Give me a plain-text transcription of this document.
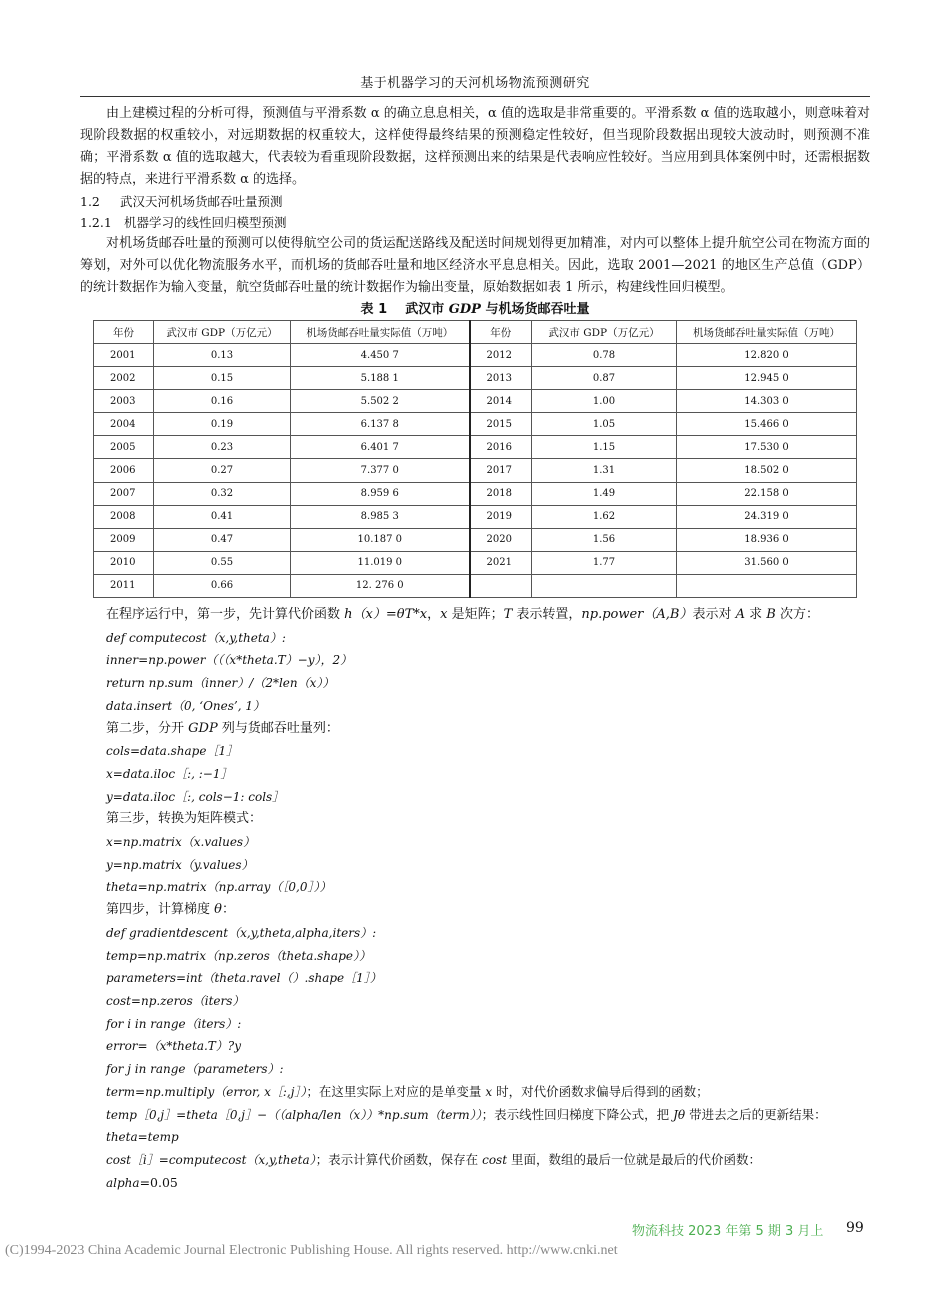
基于机器学习的天河机场物流预测研究

由上建模过程的分析可得，预测值与平滑系数 α 的确立息息相关，α 值的选取是非常重要的。平滑系数 α 值的选取越小，则意味着对现阶段数据的权重较小，对远期数据的权重较大，这样使得最终结果的预测稳定性较好，但当现阶段数据出现较大波动时，则预测不准确；平滑系数 α 值的选取越大，代表较为看重现阶段数据，这样预测出来的结果是代表响应性较好。当应用到具体案例中时，还需根据数据的特点，来进行平滑系数 α 的选择。

1.2 武汉天河机场货邮吞吐量预测

1.2.1 机器学习的线性回归模型预测

对机场货邮吞吐量的预测可以使得航空公司的货运配送路线及配送时间规划得更加精准，对内可以整体上提升航空公司在物流方面的筹划，对外可以优化物流服务水平，而机场的货邮吞吐量和地区经济水平息息相关。因此，选取 2001—2021 的地区生产总值（GDP）的统计数据作为输入变量，航空货邮吞吐量的统计数据作为输出变量，原始数据如表 1 所示，构建线性回归模型。

表 1 武汉市 GDP 与机场货邮吞吐量
年份	武汉市 GDP（万亿元）	机场货邮吞吐量实际值（万吨）	年份	武汉市 GDP（万亿元）	机场货邮吞吐量实际值（万吨）
2001	0.13	4.450 7	2012	0.78	12.820 0
2002	0.15	5.188 1	2013	0.87	12.945 0
2003	0.16	5.502 2	2014	1.00	14.303 0
2004	0.19	6.137 8	2015	1.05	15.466 0
2005	0.23	6.401 7	2016	1.15	17.530 0
2006	0.27	7.377 0	2017	1.31	18.502 0
2007	0.32	8.959 6	2018	1.49	22.158 0
2008	0.41	8.985 3	2019	1.62	24.319 0
2009	0.47	10.187 0	2020	1.56	18.936 0
2010	0.55	11.019 0	2021	1.77	31.560 0
2011	0.66	12. 276 0			

在程序运行中，第一步，先计算代价函数 h（x）=θT*x，x 是矩阵；T 表示转置，np.power（A,B）表示对 A 求 B 次方：

def computecost（x,y,theta）:

inner=np.power（（（x*theta.T）−y），2）

return np.sum（inner）/（2*len（x））

data.insert（0, ‘Ones’, 1）

第二步，分开 GDP 列与货邮吞吐量列：

cols=data.shape［1］

x=data.iloc［:, :−1］

y=data.iloc［:, cols−1: cols］

第三步，转换为矩阵模式：

x=np.matrix（x.values）

y=np.matrix（y.values）

theta=np.matrix（np.array（［0,0］））

第四步，计算梯度 θ：

def gradientdescent（x,y,theta,alpha,iters）:

temp=np.matrix（np.zeros（theta.shape））

parameters=int（theta.ravel（）.shape［1］）

cost=np.zeros（iters）

for i in range（iters）:

error=（x*theta.T）?y

for j in range（parameters）:

term=np.multiply（error, x［:,j］）；在这里实际上对应的是单变量 x 时，对代价函数求偏导后得到的函数；

temp［0,j］=theta［0,j］−（（alpha/len（x））*np.sum（term））；表示线性回归梯度下降公式，把 Jθ 带进去之后的更新结果：

theta=temp

cost［i］=computecost（x,y,theta）；表示计算代价函数，保存在 cost 里面，数组的最后一位就是最后的代价函数：

alpha=0.05

物流科技 2023 年第 5 期 3 月上 99
(C)1994-2023 China Academic Journal Electronic Publishing House. All rights reserved. http://www.cnki.net
